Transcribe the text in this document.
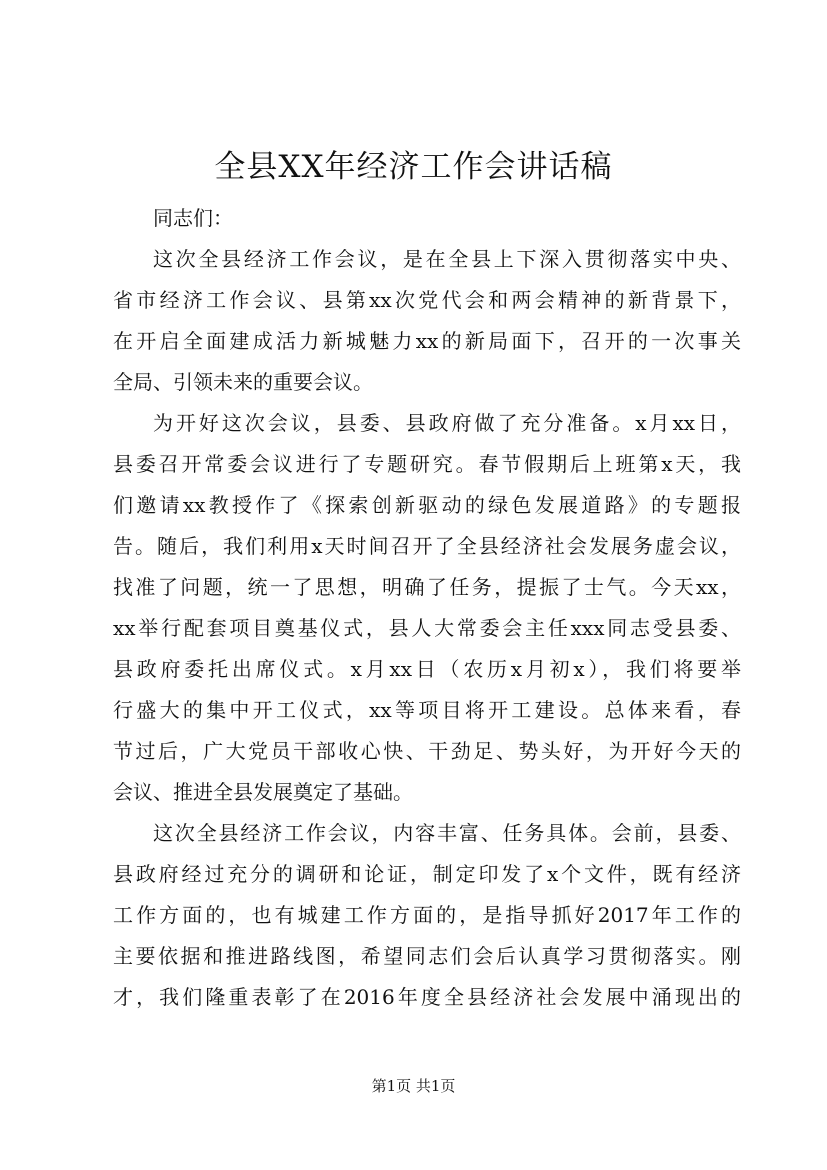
全县XX年经济工作会讲话稿
同志们：
这次全县经济工作会议，是在全县上下深入贯彻落实中央、
省市经济工作会议、县第xx次党代会和两会精神的新背景下，
在开启全面建成活力新城魅力xx的新局面下，召开的一次事关
全局、引领未来的重要会议。
为开好这次会议，县委、县政府做了充分准备。x月xx日，
县委召开常委会议进行了专题研究。春节假期后上班第x天，我
们邀请xx教授作了《探索创新驱动的绿色发展道路》的专题报
告。随后，我们利用x天时间召开了全县经济社会发展务虚会议，
找准了问题，统一了思想，明确了任务，提振了士气。今天xx，
xx举行配套项目奠基仪式，县人大常委会主任xxx同志受县委、
县政府委托出席仪式。x月xx日（农历x月初x），我们将要举
行盛大的集中开工仪式，xx等项目将开工建设。总体来看，春
节过后，广大党员干部收心快、干劲足、势头好，为开好今天的
会议、推进全县发展奠定了基础。
这次全县经济工作会议，内容丰富、任务具体。会前，县委、
县政府经过充分的调研和论证，制定印发了x个文件，既有经济
工作方面的，也有城建工作方面的，是指导抓好2017年工作的
主要依据和推进路线图，希望同志们会后认真学习贯彻落实。刚
才，我们隆重表彰了在2016年度全县经济社会发展中涌现出的
第1页 共1页
